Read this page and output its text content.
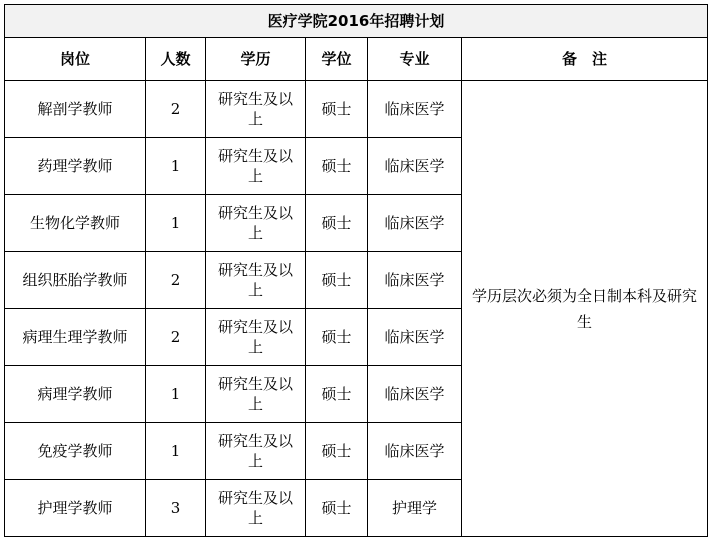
医疗学院2016年招聘计划					
岗位	人数	学历	学位	专业	备　注
解剖学教师	2	研究生及以上	硕士	临床医学	学历层次必须为全日制本科及研究生

药理学教师	1	研究生及以上	硕士	临床医学	
生物化学教师	1	研究生及以上	硕士	临床医学	
组织胚胎学教师	2	研究生及以上	硕士	临床医学	
病理生理学教师	2	研究生及以上	硕士	临床医学	
病理学教师	1	研究生及以上	硕士	临床医学	
免疫学教师	1	研究生及以上	硕士	临床医学	
护理学教师	3	研究生及以上	硕士	护理学	
